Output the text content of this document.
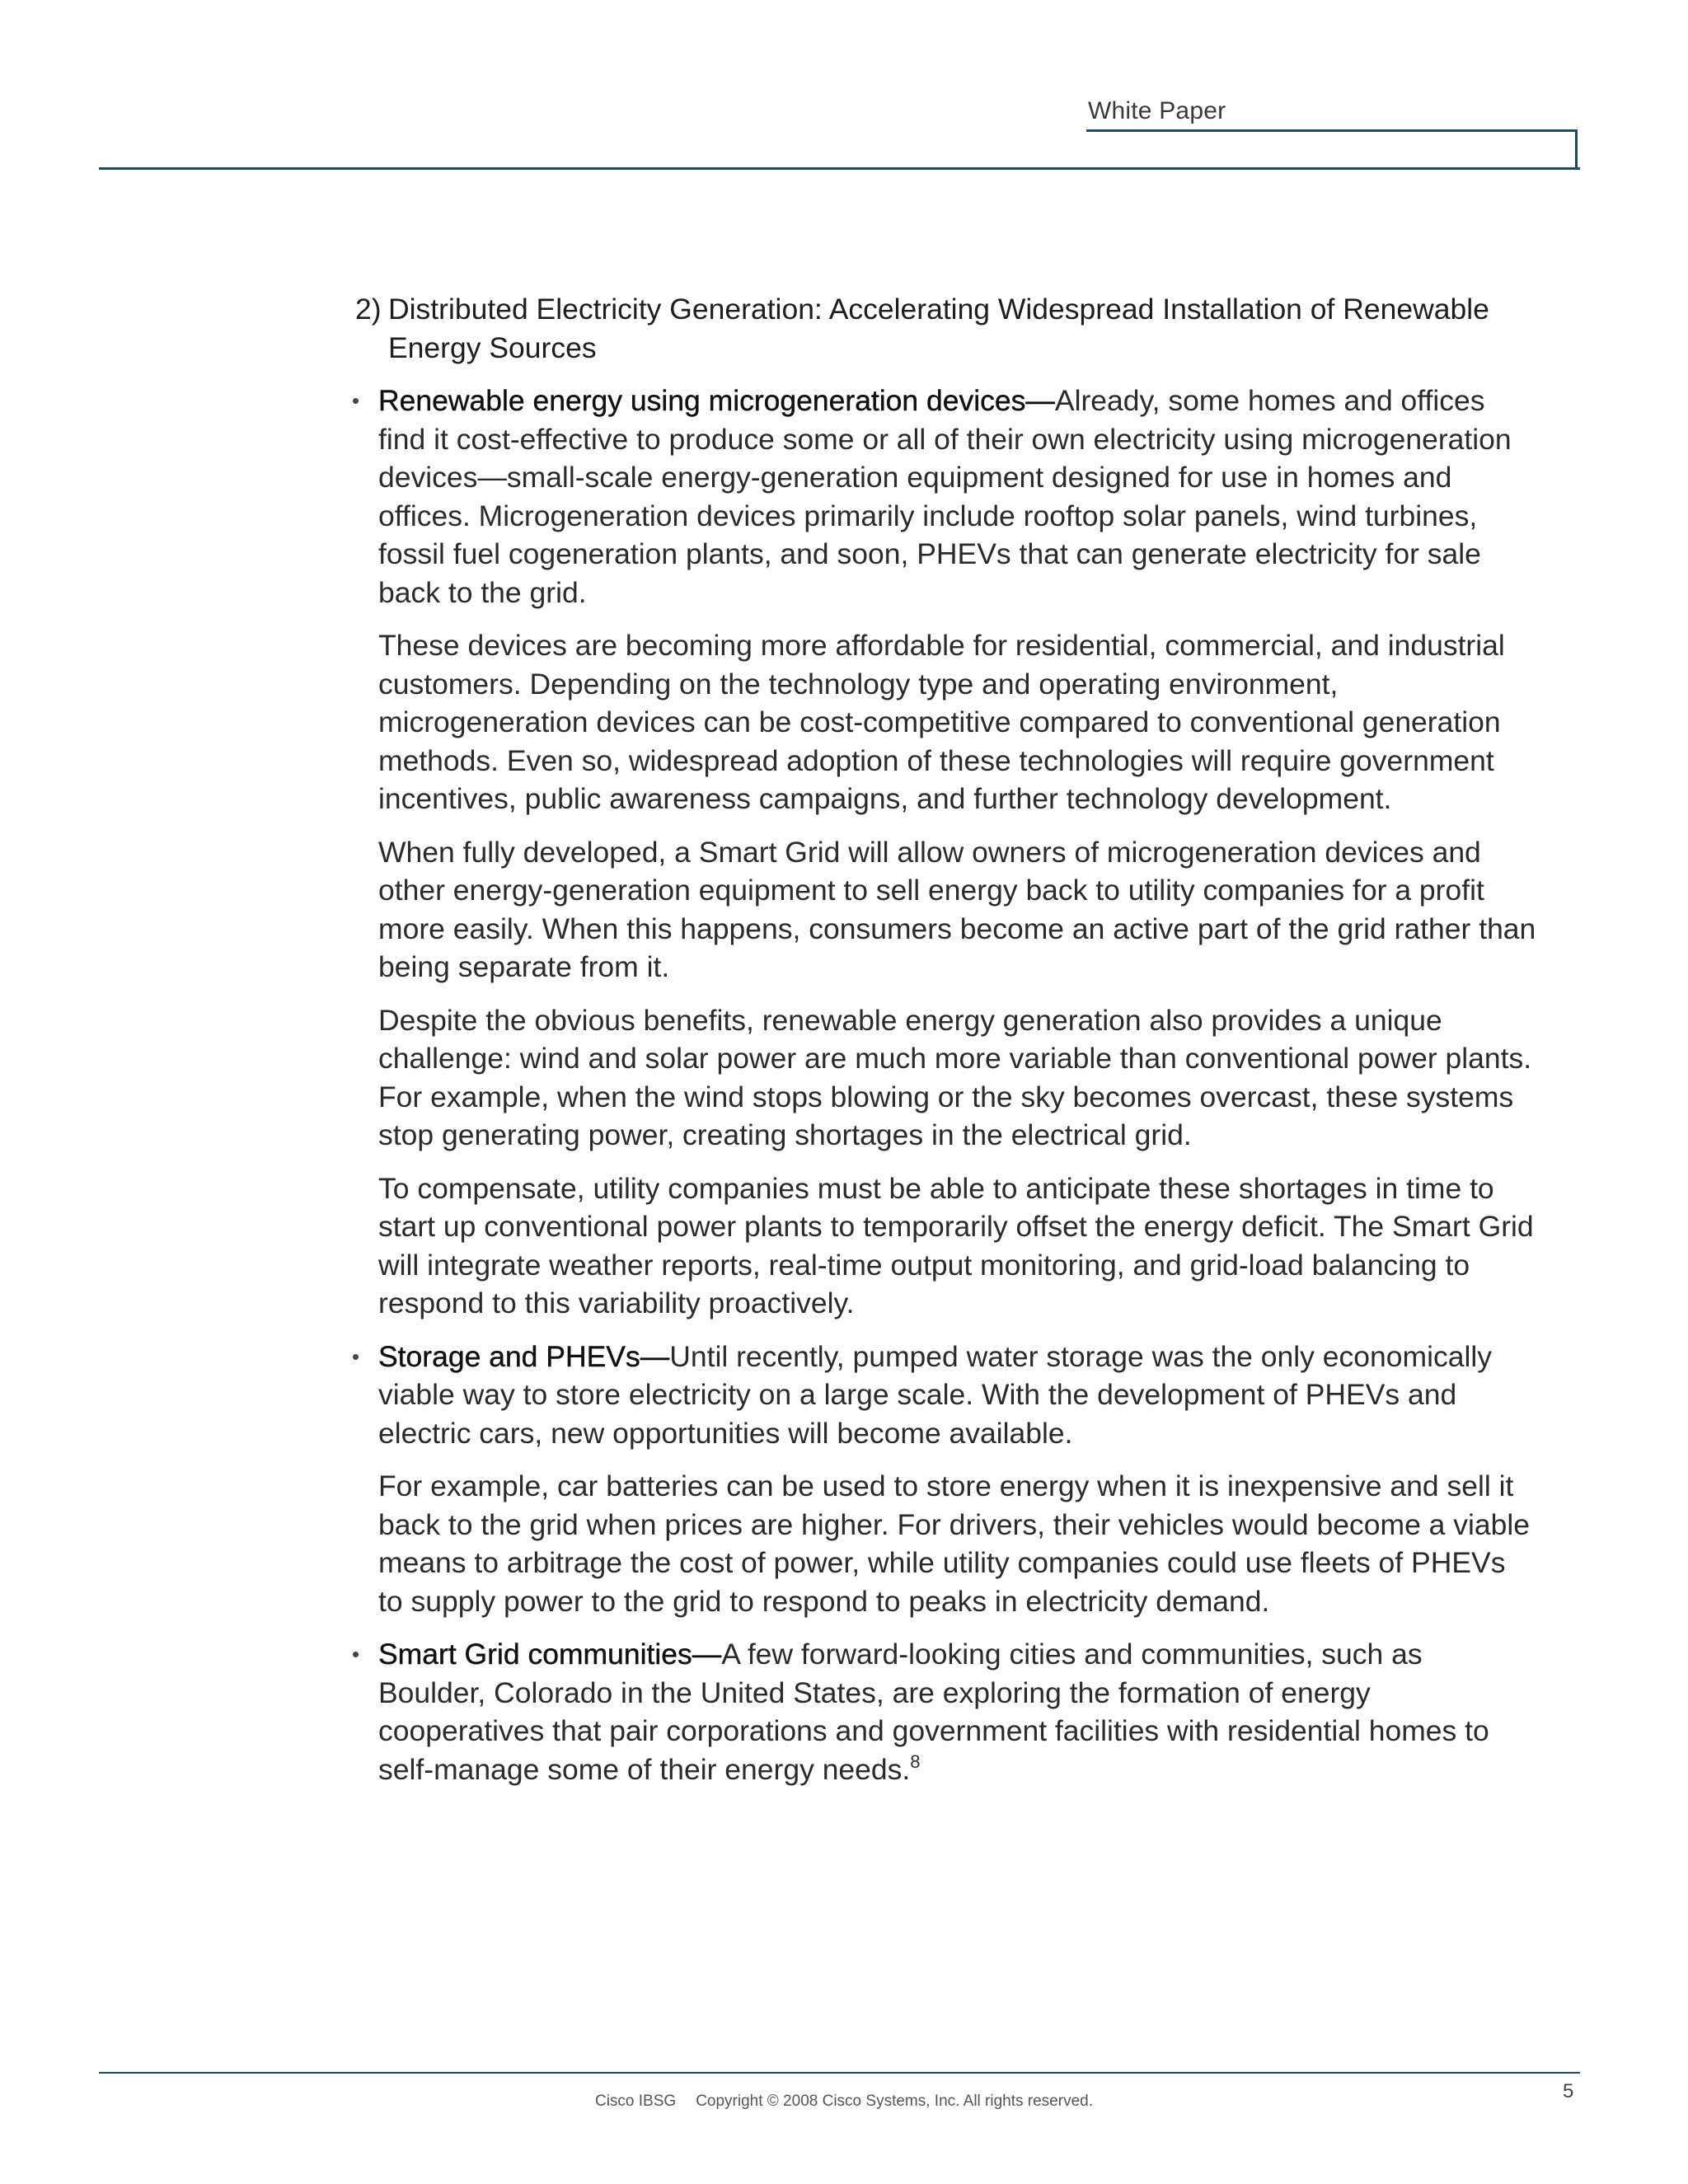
White Paper
2) Distributed Electricity Generation: Accelerating Widespread Installation of Renewable Energy Sources
• Renewable energy using microgeneration devices—Already, some homes and offices find it cost-effective to produce some or all of their own electricity using microgeneration devices—small-scale energy-generation equipment designed for use in homes and offices. Microgeneration devices primarily include rooftop solar panels, wind turbines, fossil fuel cogeneration plants, and soon, PHEVs that can generate electricity for sale back to the grid.

These devices are becoming more affordable for residential, commercial, and industrial customers. Depending on the technology type and operating environment, microgeneration devices can be cost-competitive compared to conventional generation methods. Even so, widespread adoption of these technologies will require government incentives, public awareness campaigns, and further technology development.

When fully developed, a Smart Grid will allow owners of microgeneration devices and other energy-generation equipment to sell energy back to utility companies for a profit more easily. When this happens, consumers become an active part of the grid rather than being separate from it.

Despite the obvious benefits, renewable energy generation also provides a unique challenge: wind and solar power are much more variable than conventional power plants. For example, when the wind stops blowing or the sky becomes overcast, these systems stop generating power, creating shortages in the electrical grid.

To compensate, utility companies must be able to anticipate these shortages in time to start up conventional power plants to temporarily offset the energy deficit. The Smart Grid will integrate weather reports, real-time output monitoring, and grid-load balancing to respond to this variability proactively.

• Storage and PHEVs—Until recently, pumped water storage was the only economically viable way to store electricity on a large scale. With the development of PHEVs and electric cars, new opportunities will become available.

For example, car batteries can be used to store energy when it is inexpensive and sell it back to the grid when prices are higher. For drivers, their vehicles would become a viable means to arbitrage the cost of power, while utility companies could use fleets of PHEVs to supply power to the grid to respond to peaks in electricity demand.

• Smart Grid communities—A few forward-looking cities and communities, such as Boulder, Colorado in the United States, are exploring the formation of energy cooperatives that pair corporations and government facilities with residential homes to self-manage some of their energy needs.$^8$

Cisco IBSG Copyright © 2008 Cisco Systems, Inc. All rights reserved.	5
